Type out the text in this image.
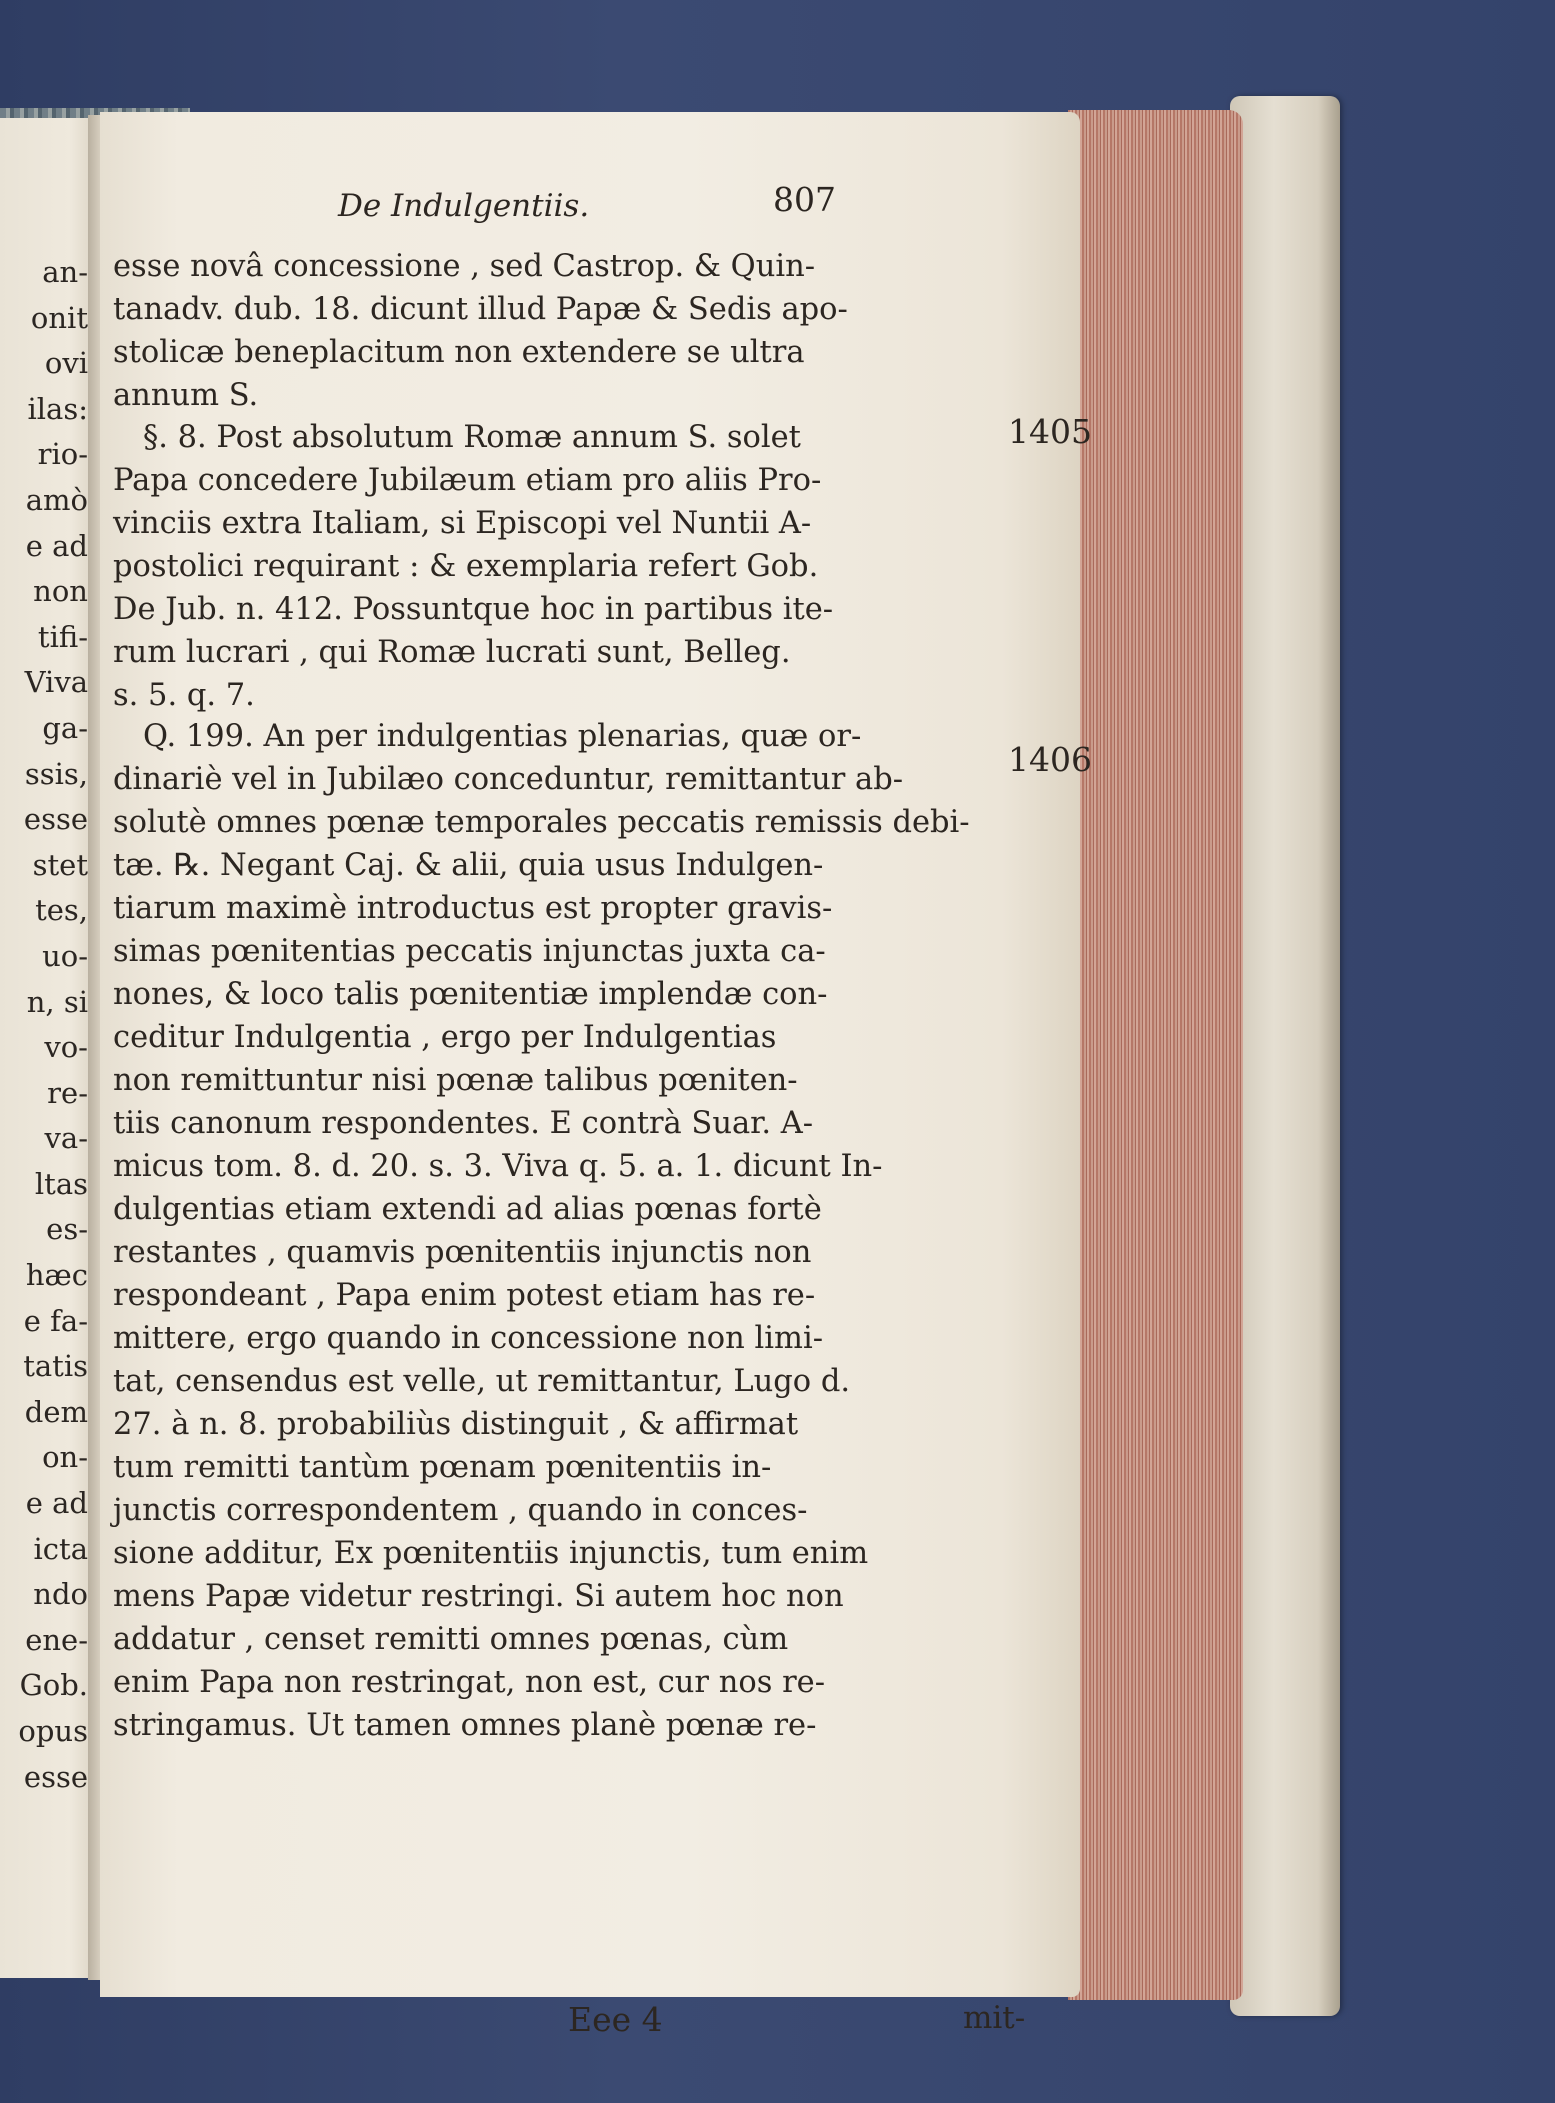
an-
onit
ovi
ilas:
rio-
amò
e ad
non
tifi-
Viva
ga-
ssis,
esse
stet
tes,
uo-
n, si
vo-
re-
va-
ltas
es-
hæc
e fa-
tatis
dem
on-
e ad
icta
ndo
ene-
Gob.
opus
esse
De Indulgentiis.	807
esse novâ concessione , sed Castrop. & Quin-
tanadv. dub. 18. dicunt illud Papæ & Sedis apo-
stolicæ beneplacitum non extendere se ultra
annum S.
§. 8. Post absolutum Romæ annum S. solet
Papa concedere Jubilæum etiam pro aliis Pro-
vinciis extra Italiam, si Episcopi vel Nuntii A-
postolici requirant : & exemplaria refert Gob.
De Jub. n. 412. Possuntque hoc in partibus ite-
rum lucrari , qui Romæ lucrati sunt, Belleg.
s. 5. q. 7.
Q. 199. An per indulgentias plenarias, quæ or-
dinariè vel in Jubilæo conceduntur, remittantur ab-
solutè omnes pœnæ temporales peccatis remissis debi-
tæ. ℞. Negant Caj. & alii, quia usus Indulgen-
tiarum maximè introductus est propter gravis-
simas pœnitentias peccatis injunctas juxta ca-
nones, & loco talis pœnitentiæ implendæ con-
ceditur Indulgentia , ergo per Indulgentias
non remittuntur nisi pœnæ talibus pœniten-
tiis canonum respondentes. E contrà Suar. A-
micus tom. 8. d. 20. s. 3. Viva q. 5. a. 1. dicunt In-
dulgentias etiam extendi ad alias pœnas fortè
restantes , quamvis pœnitentiis injunctis non
respondeant , Papa enim potest etiam has re-
mittere, ergo quando in concessione non limi-
tat, censendus est velle, ut remittantur, Lugo d.
27. à n. 8. probabiliùs distinguit , & affirmat
tum remitti tantùm pœnam pœnitentiis in-
junctis correspondentem , quando in conces-
sione additur, Ex pœnitentiis injunctis, tum enim
mens Papæ videtur restringi. Si autem hoc non
addatur , censet remitti omnes pœnas, cùm
enim Papa non restringat, non est, cur nos re-
stringamus. Ut tamen omnes planè pœnæ re-
Eee 4	mit-
1405
1406
